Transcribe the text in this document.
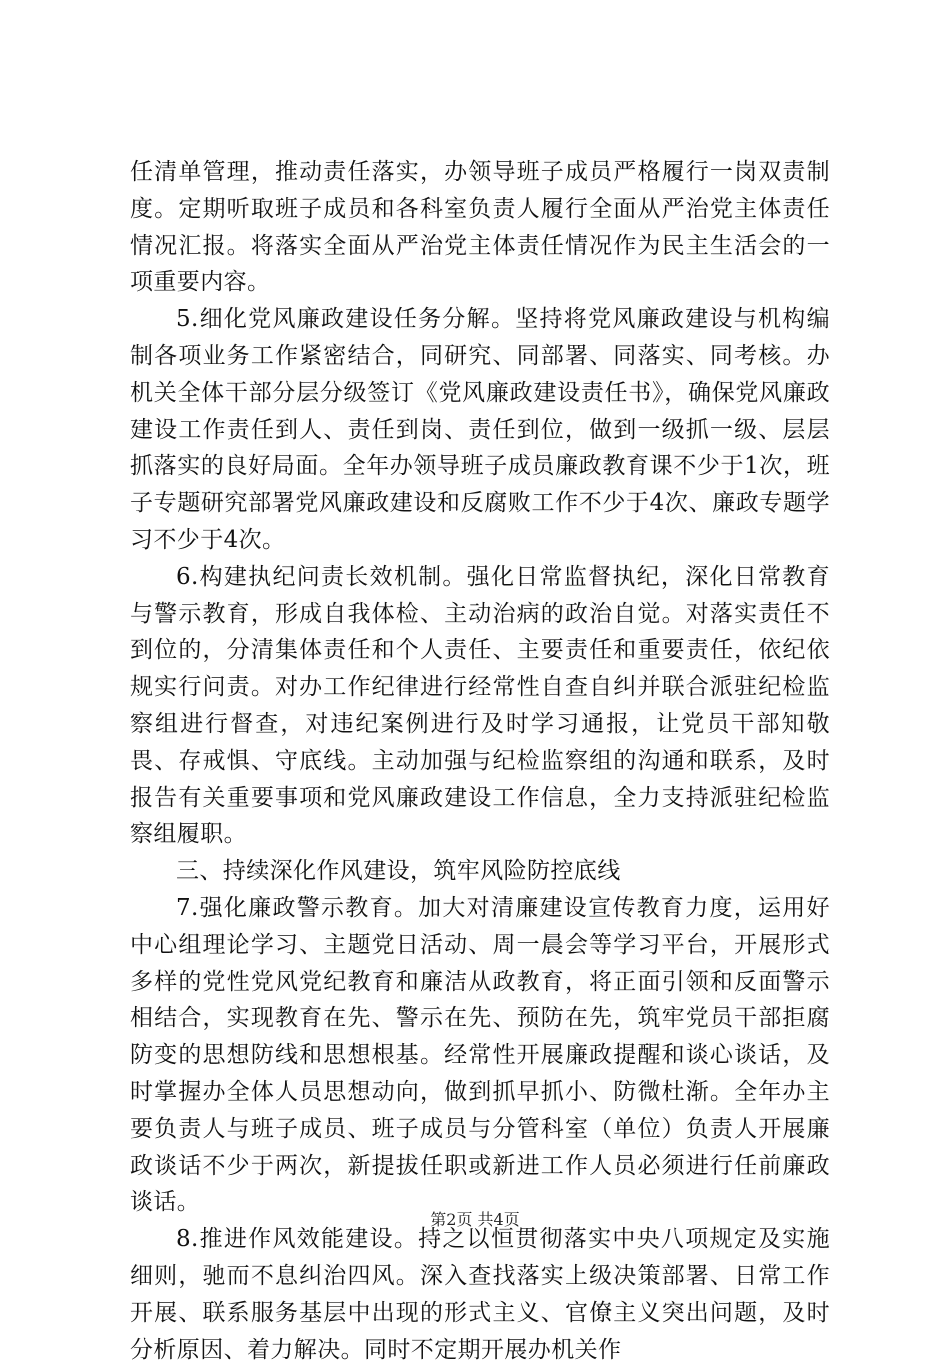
任清单管理，推动责任落实，办领导班子成员严格履行一岗双责制度。定期听取班子成员和各科室负责人履行全面从严治党主体责任情况汇报。将落实全面从严治党主体责任情况作为民主生活会的一项重要内容。

5.细化党风廉政建设任务分解。坚持将党风廉政建设与机构编制各项业务工作紧密结合，同研究、同部署、同落实、同考核。办机关全体干部分层分级签订《党风廉政建设责任书》，确保党风廉政建设工作责任到人、责任到岗、责任到位，做到一级抓一级、层层抓落实的良好局面。全年办领导班子成员廉政教育课不少于1次，班子专题研究部署党风廉政建设和反腐败工作不少于4次、廉政专题学习不少于4次。

6.构建执纪问责长效机制。强化日常监督执纪，深化日常教育与警示教育，形成自我体检、主动治病的政治自觉。对落实责任不到位的，分清集体责任和个人责任、主要责任和重要责任，依纪依规实行问责。对办工作纪律进行经常性自查自纠并联合派驻纪检监察组进行督查，对违纪案例进行及时学习通报，让党员干部知敬畏、存戒惧、守底线。主动加强与纪检监察组的沟通和联系，及时报告有关重要事项和党风廉政建设工作信息，全力支持派驻纪检监察组履职。

三、持续深化作风建设，筑牢风险防控底线

7.强化廉政警示教育。加大对清廉建设宣传教育力度，运用好中心组理论学习、主题党日活动、周一晨会等学习平台，开展形式多样的党性党风党纪教育和廉洁从政教育，将正面引领和反面警示相结合，实现教育在先、警示在先、预防在先，筑牢党员干部拒腐防变的思想防线和思想根基。经常性开展廉政提醒和谈心谈话，及时掌握办全体人员思想动向，做到抓早抓小、防微杜渐。全年办主要负责人与班子成员、班子成员与分管科室（单位）负责人开展廉政谈话不少于两次，新提拔任职或新进工作人员必须进行任前廉政谈话。

8.推进作风效能建设。持之以恒贯彻落实中央八项规定及实施细则，驰而不息纠治四风。深入查找落实上级决策部署、日常工作开展、联系服务基层中出现的形式主义、官僚主义突出问题，及时分析原因、着力解决。同时不定期开展办机关作

第2页 共4页
